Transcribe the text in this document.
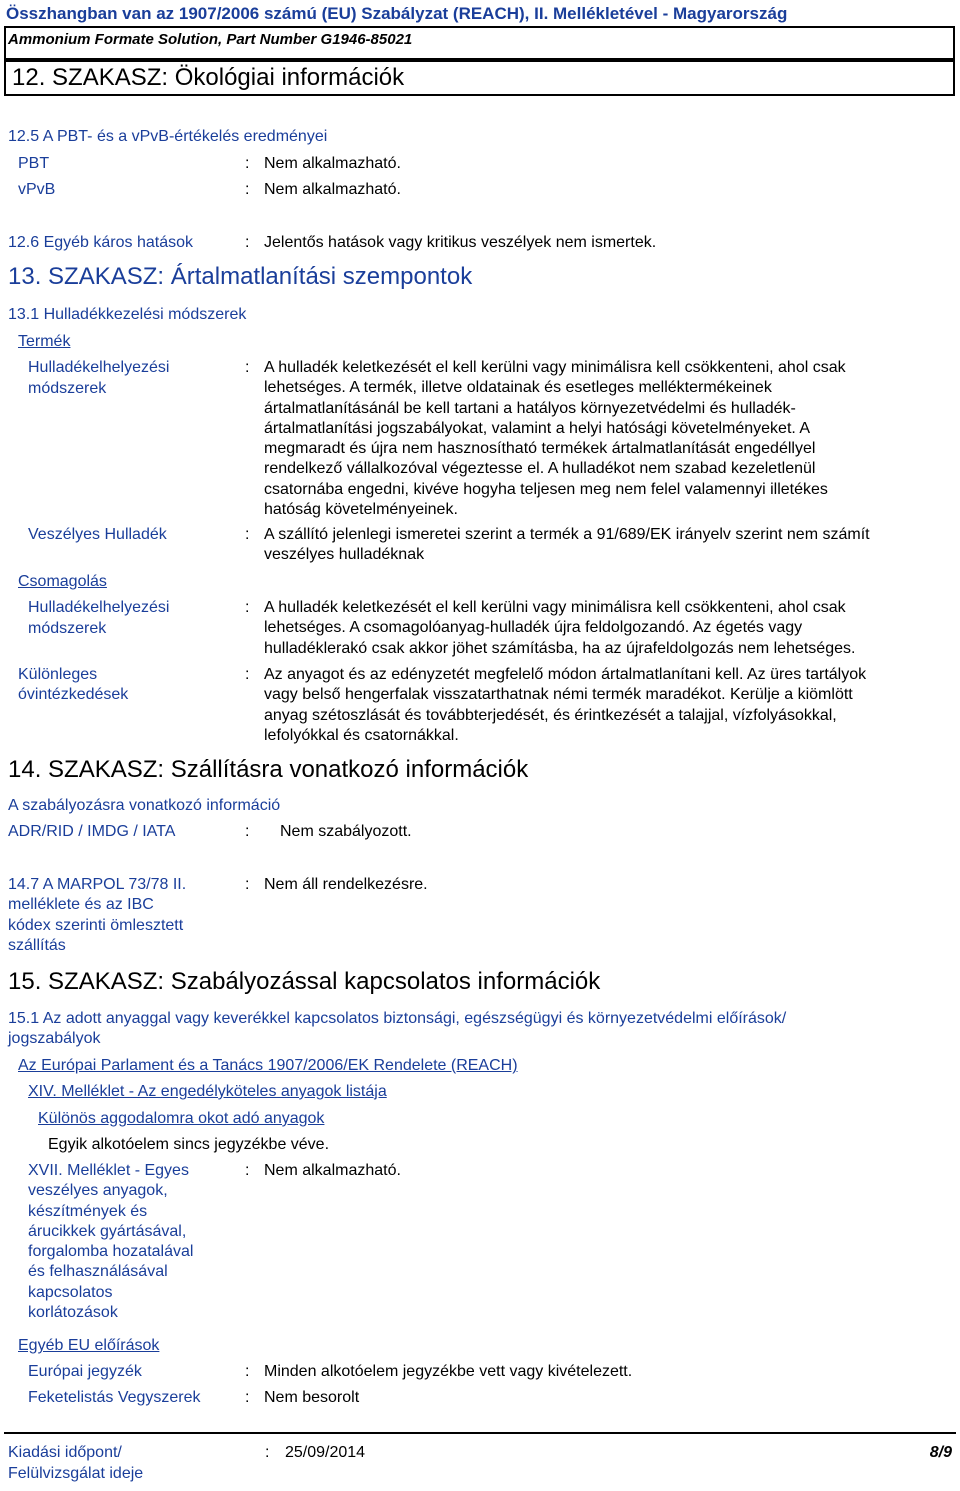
Összhangban van az 1907/2006 számú (EU) Szabályzat (REACH), II. Mellékletével - Magyarország
Ammonium Formate Solution, Part Number G1946-85021
12. SZAKASZ: Ökológiai információk
12.5 A PBT- és a vPvB-értékelés eredményei
PBT	: Nem alkalmazható.
vPvB	: Nem alkalmazható.
12.6 Egyéb káros hatások	: Jelentős hatások vagy kritikus veszélyek nem ismertek.
13. SZAKASZ: Ártalmatlanítási szempontok
13.1 Hulladékkezelési módszerek
Termék
Hulladékelhelyezési
módszerek
: A hulladék keletkezését el kell kerülni vagy minimálisra kell csökkenteni, ahol csak
lehetséges. A termék, illetve oldatainak és esetleges melléktermékeinek
ártalmatlanításánál be kell tartani a hatályos környezetvédelmi és hulladék-
ártalmatlanítási jogszabályokat, valamint a helyi hatósági követelményeket. A
megmaradt és újra nem hasznosítható termékek ártalmatlanítását engedéllyel
rendelkező vállalkozóval végeztesse el. A hulladékot nem szabad kezeletlenül
csatornába engedni, kivéve hogyha teljesen meg nem felel valamennyi illetékes
hatóság követelményeinek.
Veszélyes Hulladék	: A szállító jelenlegi ismeretei szerint a termék a 91/689/EK irányelv szerint nem számít
veszélyes hulladéknak
Csomagolás
Hulladékelhelyezési
módszerek
: A hulladék keletkezését el kell kerülni vagy minimálisra kell csökkenteni, ahol csak
lehetséges. A csomagolóanyag-hulladék újra feldolgozandó. Az égetés vagy
hulladéklerakó csak akkor jöhet számításba, ha az újrafeldolgozás nem lehetséges.
Különleges
óvintézkedések
: Az anyagot és az edényzetét megfelelő módon ártalmatlanítani kell. Az üres tartályok
vagy belső hengerfalak visszatarthatnak némi termék maradékot. Kerülje a kiömlött
anyag szétoszlását és továbbterjedését, és érintkezését a talajjal, vízfolyásokkal,
lefolyókkal és csatornákkal.
14. SZAKASZ: Szállításra vonatkozó információk
A szabályozásra vonatkozó információ
ADR/RID / IMDG / IATA	: Nem szabályozott.
14.7 A MARPOL 73/78 II.
melléklete és az IBC
kódex szerinti ömlesztett
szállítás
: Nem áll rendelkezésre.
15. SZAKASZ: Szabályozással kapcsolatos információk
15.1 Az adott anyaggal vagy keverékkel kapcsolatos biztonsági, egészségügyi és környezetvédelmi előírások/
jogszabályok
Az Európai Parlament és a Tanács 1907/2006/EK Rendelete (REACH)
XIV. Melléklet - Az engedélyköteles anyagok listája
Különös aggodalomra okot adó anyagok
Egyik alkotóelem sincs jegyzékbe véve.
XVII. Melléklet - Egyes
veszélyes anyagok,
készítmények és
árucikkek gyártásával,
forgalomba hozatalával
és felhasználásával
kapcsolatos
korlátozások
: Nem alkalmazható.
Egyéb EU előírások
Európai jegyzék	: Minden alkotóelem jegyzékbe vett vagy kivételezett.
Feketelistás Vegyszerek	: Nem besorolt
Kiadási időpont/
Felülvizsgálat ideje
: 25/09/2014	8/9
